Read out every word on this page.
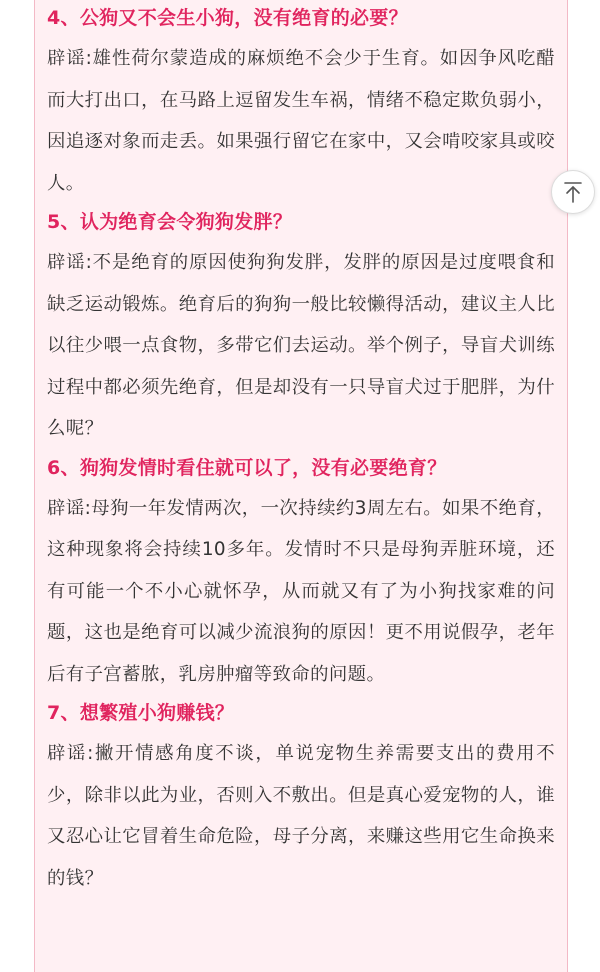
4、公狗又不会生小狗，没有绝育的必要？
辟谣:雄性荷尔蒙造成的麻烦绝不会少于生育。如因争风吃醋而大打出口，在马路上逗留发生车祸，情绪不稳定欺负弱小，因追逐对象而走丢。如果强行留它在家中，又会啃咬家具或咬人。
5、认为绝育会令狗狗发胖？
辟谣:不是绝育的原因使狗狗发胖，发胖的原因是过度喂食和缺乏运动锻炼。绝育后的狗狗一般比较懒得活动，建议主人比以往少喂一点食物，多带它们去运动。举个例子，导盲犬训练过程中都必须先绝育，但是却没有一只导盲犬过于肥胖，为什么呢？
6、狗狗发情时看住就可以了，没有必要绝育？
辟谣:母狗一年发情两次，一次持续约3周左右。如果不绝育，这种现象将会持续10多年。发情时不只是母狗弄脏环境，还有可能一个不小心就怀孕，从而就又有了为小狗找家难的问题，这也是绝育可以减少流浪狗的原因！更不用说假孕，老年后有子宫蓄脓，乳房肿瘤等致命的问题。
7、想繁殖小狗赚钱？
辟谣:撇开情感角度不谈，单说宠物生养需要支出的费用不少，除非以此为业，否则入不敷出。但是真心爱宠物的人，谁又忍心让它冒着生命危险，母子分离，来赚这些用它生命换来的钱？
